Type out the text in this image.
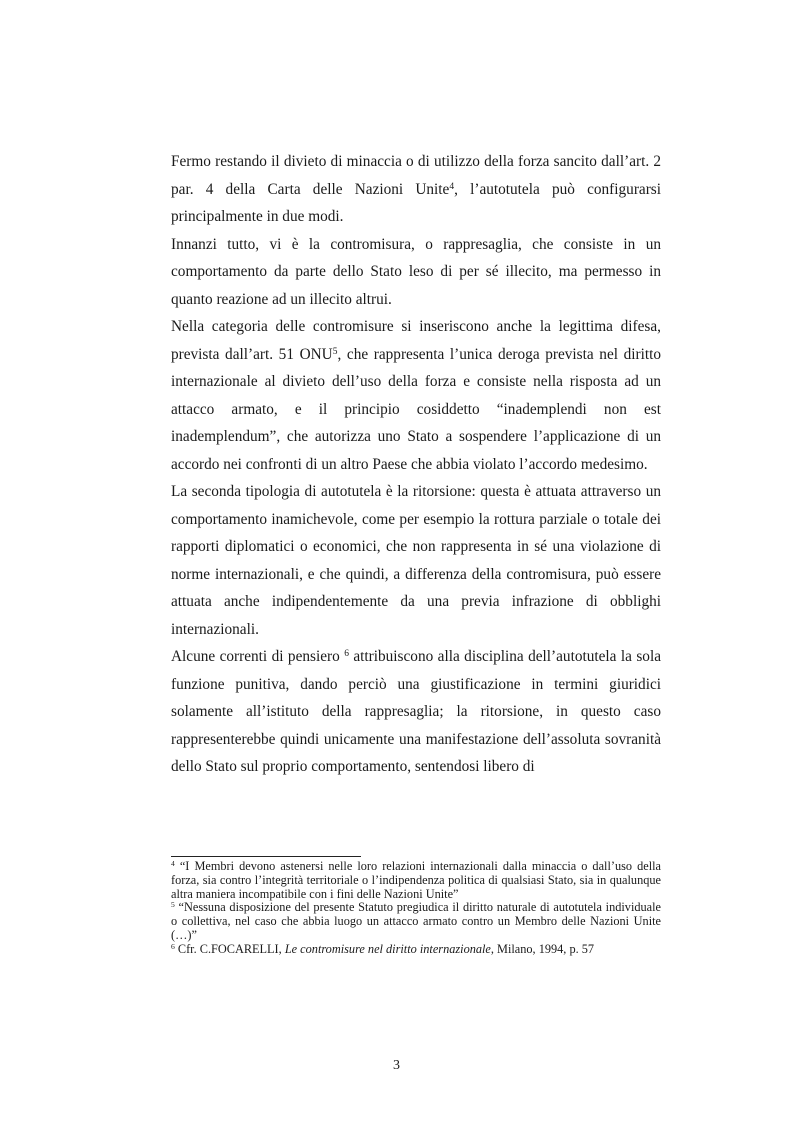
Fermo restando il divieto di minaccia o di utilizzo della forza sancito dall’art. 2 par. 4 della Carta delle Nazioni Unite$^4$, l’autotutela può configurarsi principalmente in due modi.

Innanzi tutto, vi è la contromisura, o rappresaglia, che consiste in un comportamento da parte dello Stato leso di per sé illecito, ma permesso in quanto reazione ad un illecito altrui.

Nella categoria delle contromisure si inseriscono anche la legittima difesa, prevista dall’art. 51 ONU$^5$, che rappresenta l’unica deroga prevista nel diritto internazionale al divieto dell’uso della forza e consiste nella risposta ad un attacco armato, e il principio cosiddetto “inademplendi non est inademplendum”, che autorizza uno Stato a sospendere l’applicazione di un accordo nei confronti di un altro Paese che abbia violato l’accordo medesimo.

La seconda tipologia di autotutela è la ritorsione: questa è attuata attraverso un comportamento inamichevole, come per esempio la rottura parziale o totale dei rapporti diplomatici o economici, che non rappresenta in sé una violazione di norme internazionali, e che quindi, a differenza della contromisura, può essere attuata anche indipendentemente da una previa infrazione di obblighi internazionali.

Alcune correnti di pensiero $^6$ attribuiscono alla disciplina dell’autotutela la sola funzione punitiva, dando perciò una giustificazione in termini giuridici solamente all’istituto della rappresaglia; la ritorsione, in questo caso rappresenterebbe quindi unicamente una manifestazione dell’assoluta sovranità dello Stato sul proprio comportamento, sentendosi libero di

$^4$ “I Membri devono astenersi nelle loro relazioni internazionali dalla minaccia o dall’uso della forza, sia contro l’integrità territoriale o l’indipendenza politica di qualsiasi Stato, sia in qualunque altra maniera incompatibile con i fini delle Nazioni Unite”

$^5$ “Nessuna disposizione del presente Statuto pregiudica il diritto naturale di autotutela individuale o collettiva, nel caso che abbia luogo un attacco armato contro un Membro delle Nazioni Unite (…)”

$^6$ Cfr. C.FOCARELLI, Le contromisure nel diritto internazionale, Milano, 1994, p. 57

3
